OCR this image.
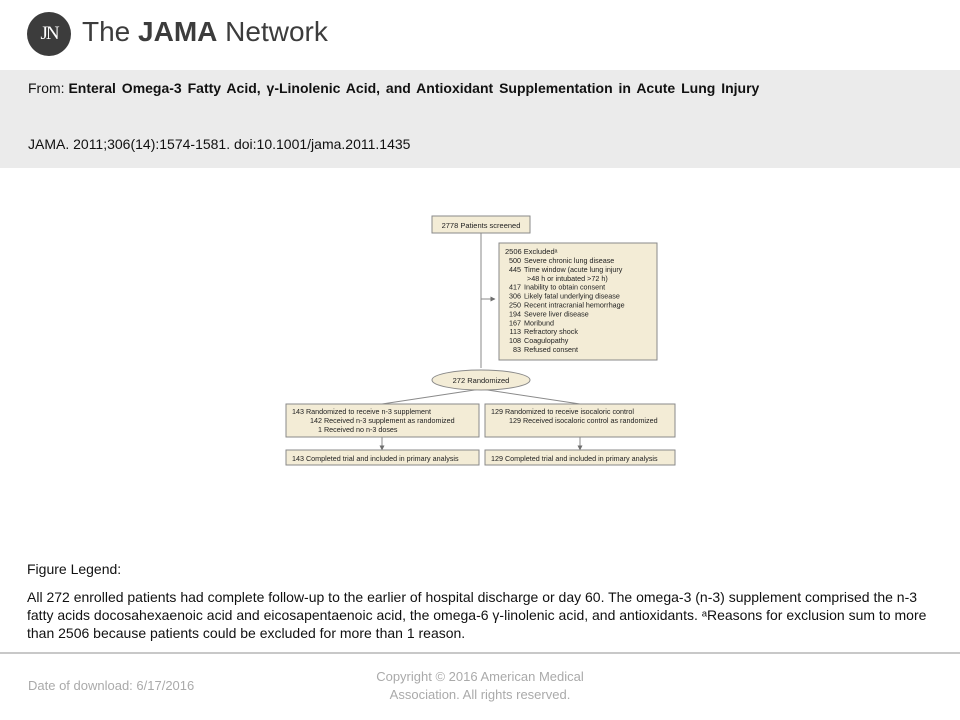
JN The JAMA Network
From: Enteral Omega-3 Fatty Acid, γ-Linolenic Acid, and Antioxidant Supplementation in Acute Lung Injury
JAMA. 2011;306(14):1574-1581. doi:10.1001/jama.2011.1435
2778 Patients screened
2506 Excludedᵃ
500 Severe chronic lung disease
445 Time window (acute lung injury
>48 h or intubated >72 h)
417 Inability to obtain consent
306 Likely fatal underlying disease
250 Recent intracranial hemorrhage
194 Severe liver disease
167 Moribund
113 Refractory shock
108 Coagulopathy
83 Refused consent
272 Randomized
143 Randomized to receive n-3 supplement
142 Received n-3 supplement as randomized
1 Received no n-3 doses
129 Randomized to receive isocaloric control
129 Received isocaloric control as randomized
143 Completed trial and included in primary analysis	129 Completed trial and included in primary analysis
Figure Legend:
All 272 enrolled patients had complete follow-up to the earlier of hospital discharge or day 60. The omega-3 (n-3) supplement comprised the n-3 fatty acids docosahexaenoic acid and eicosapentaenoic acid, the omega-6 γ-linolenic acid, and antioxidants. ᵃReasons for exclusion sum to more than 2506 because patients could be excluded for more than 1 reason.
Date of download: 6/17/2016
Copyright © 2016 American Medical
Association. All rights reserved.
